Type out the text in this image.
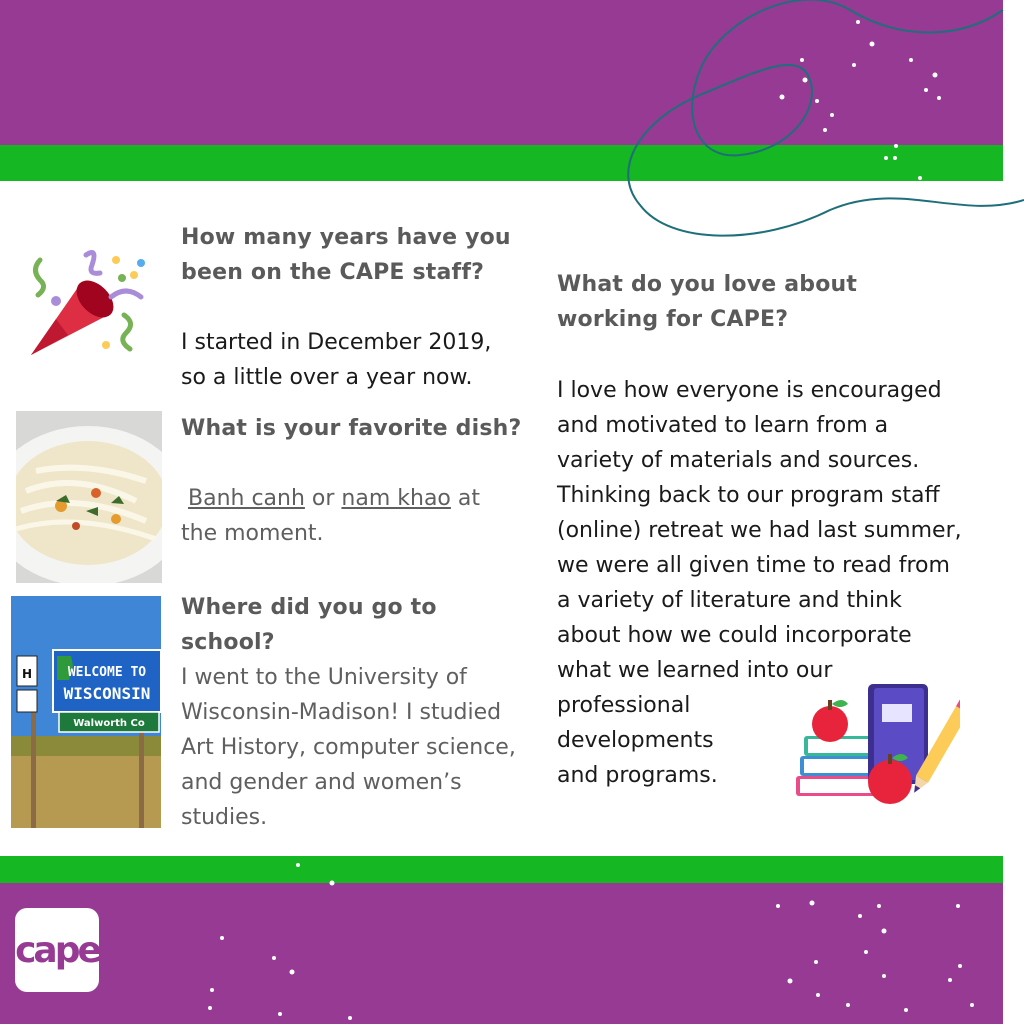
How many years have you
been on the CAPE staff?
I started in December 2019,
so a little over a year now.
What is your favorite dish?
Banh canh or nam khao at
the moment.
WELCOME TO
WISCONSIN
Walworth Co
H
Where did you go to
school?
I went to the University of
Wisconsin-Madison! I studied
Art History, computer science,
and gender and women’s
studies.
What do you love about
working for CAPE?
I love how everyone is encouraged
and motivated to learn from a
variety of materials and sources.
Thinking back to our program staff
(online) retreat we had last summer,
we were all given time to read from
a variety of literature and think
about how we could incorporate
what we learned into our
professional
developments
and programs.
cape
